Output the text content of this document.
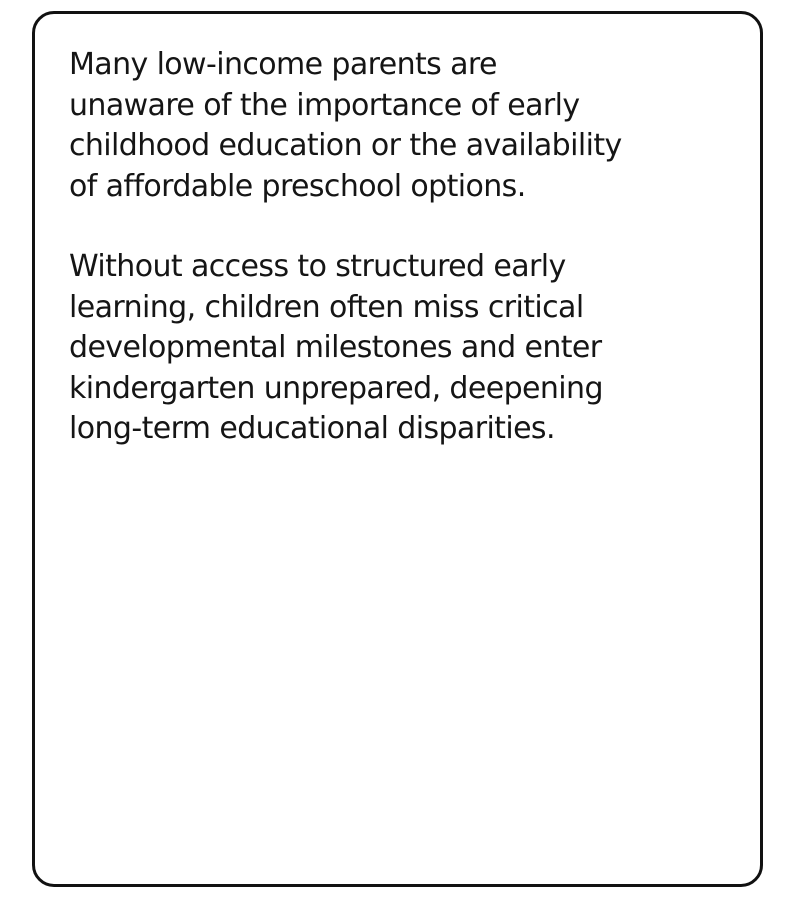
Many low-income parents are
unaware of the importance of early
childhood education or the availability
of affordable preschool options.

Without access to structured early
learning, children often miss critical
developmental milestones and enter
kindergarten unprepared, deepening
long-term educational disparities.
